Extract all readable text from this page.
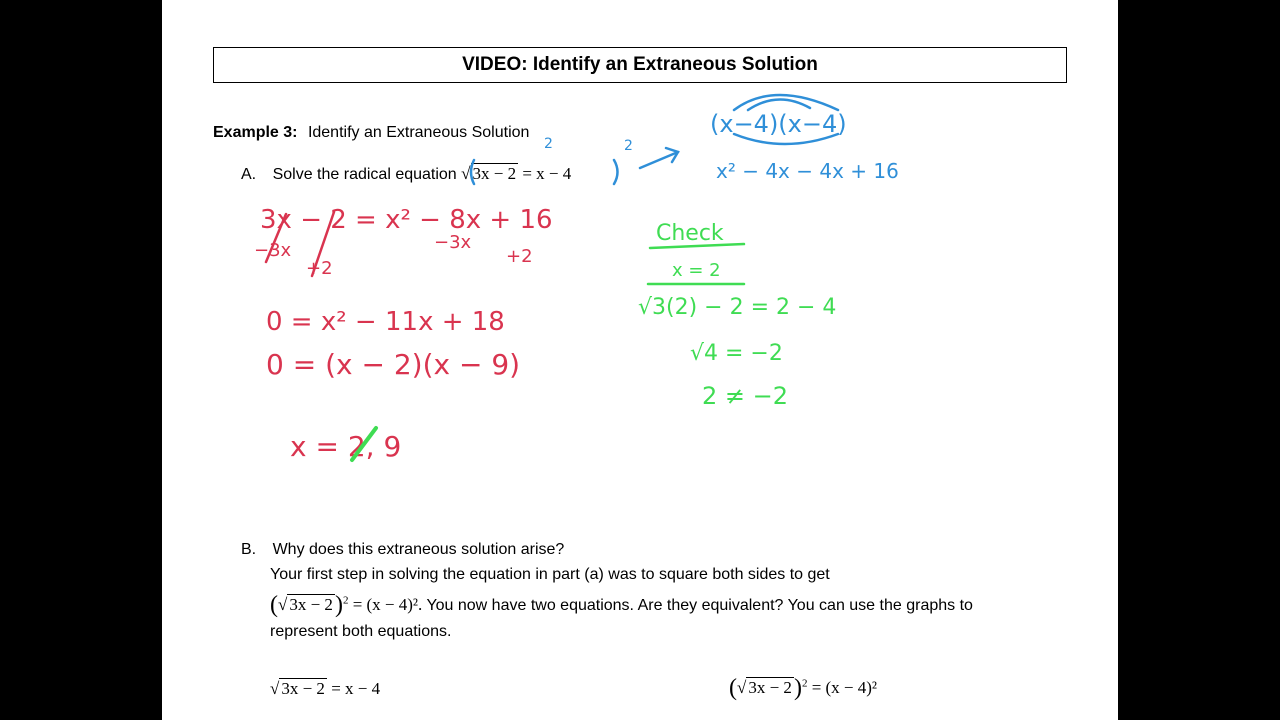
VIDEO: Identify an Extraneous Solution
Example 3: Identify an Extraneous Solution
A. Solve the radical equation √ 3x − 2 = x − 4
B. Why does this extraneous solution arise?
Your first step in solving the equation in part (a) was to square both sides to get
(√ 3x − 2)$^2$ = (x − 4)². You now have two equations. Are they equivalent? You can use the graphs to
represent both equations.
√ 3x − 2 = x − 4	(√ 3x − 2)$^2$ = (x − 4)²
2	2
(x−4)(x−4)
x² − 4x − 4x + 16
3x − 2 = x² − 8x + 16
−3x	−3x
+2
+2
0 = x² − 11x + 18
0 = (x − 2)(x − 9)
x = 2, 9
Check
x = 2
√3(2) − 2 = 2 − 4
√4 = −2
2 ≠ −2
